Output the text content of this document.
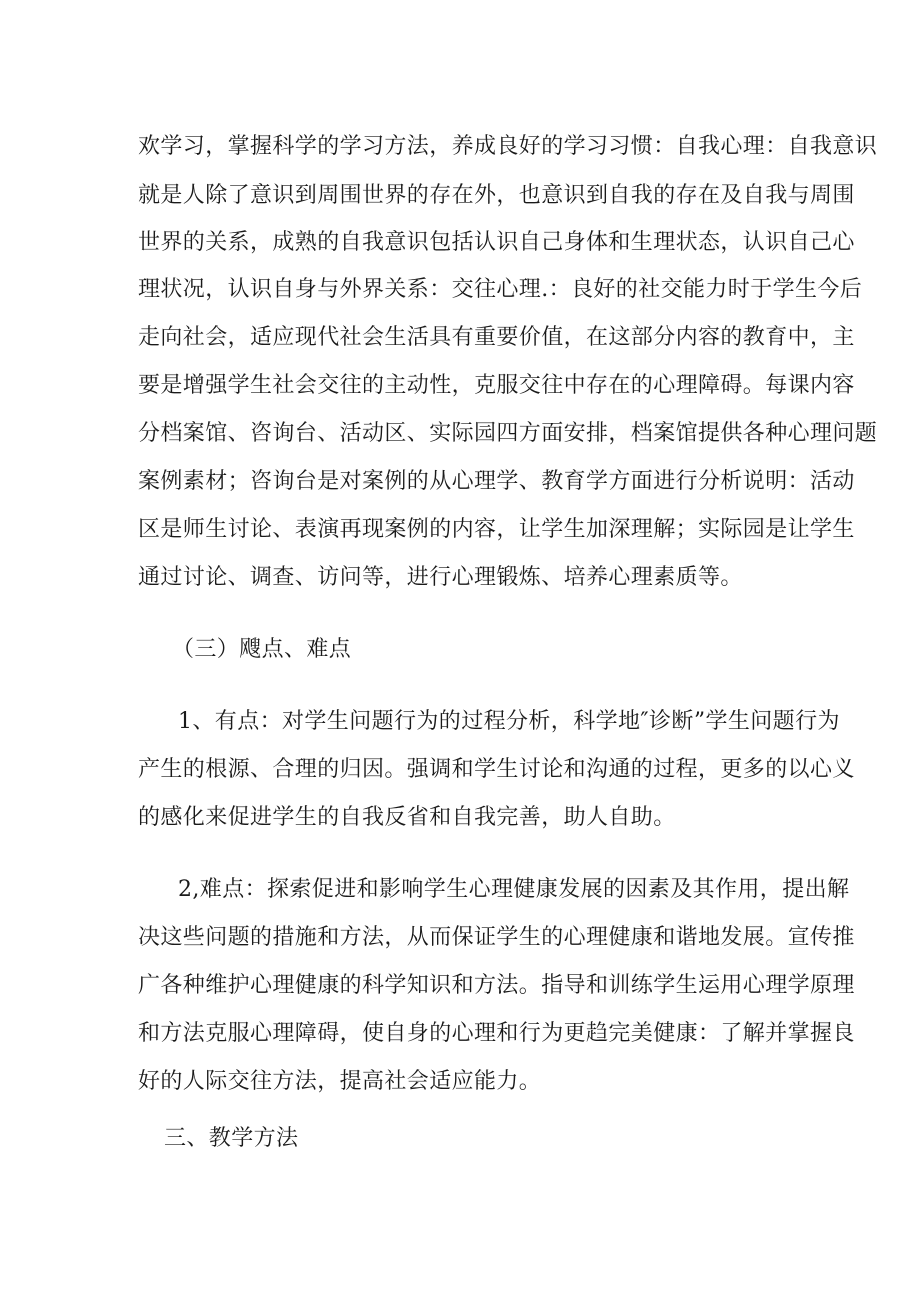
欢学习，掌握科学的学习方法，养成良好的学习习惯：自我心理：自我意识
就是人除了意识到周围世界的存在外，也意识到自我的存在及自我与周围
世界的关系，成熟的自我意识包括认识自己身体和生理状态，认识自己心
理状况，认识自身与外界关系：交往心理.：良好的社交能力时于学生今后
走向社会，适应现代社会生活具有重要价值，在这部分内容的教育中，主
要是增强学生社会交往的主动性，克服交往中存在的心理障碍。每课内容
分档案馆、咨询台、活动区、实际园四方面安排，档案馆提供各种心理问题
案例素材；咨询台是对案例的从心理学、教育学方面进行分析说明：活动
区是师生讨论、表演再现案例的内容，让学生加深理解；实际园是让学生
通过讨论、调查、访问等，进行心理锻炼、培养心理素质等。
（三）飕点、难点
1、有点：对学生问题行为的过程分析，科学地″诊断”学生问题行为
产生的根源、合理的归因。强调和学生讨论和沟通的过程，更多的以心义
的感化来促进学生的自我反省和自我完善，助人自助。
2,难点：探索促进和影响学生心理健康发展的因素及其作用，提出解
决这些问题的措施和方法，从而保证学生的心理健康和谐地发展。宣传推
广各种维护心理健康的科学知识和方法。指导和训练学生运用心理学原理
和方法克服心理障碍，使自身的心理和行为更趋完美健康：了解并掌握良
好的人际交往方法，提高社会适应能力。
三、教学方法
